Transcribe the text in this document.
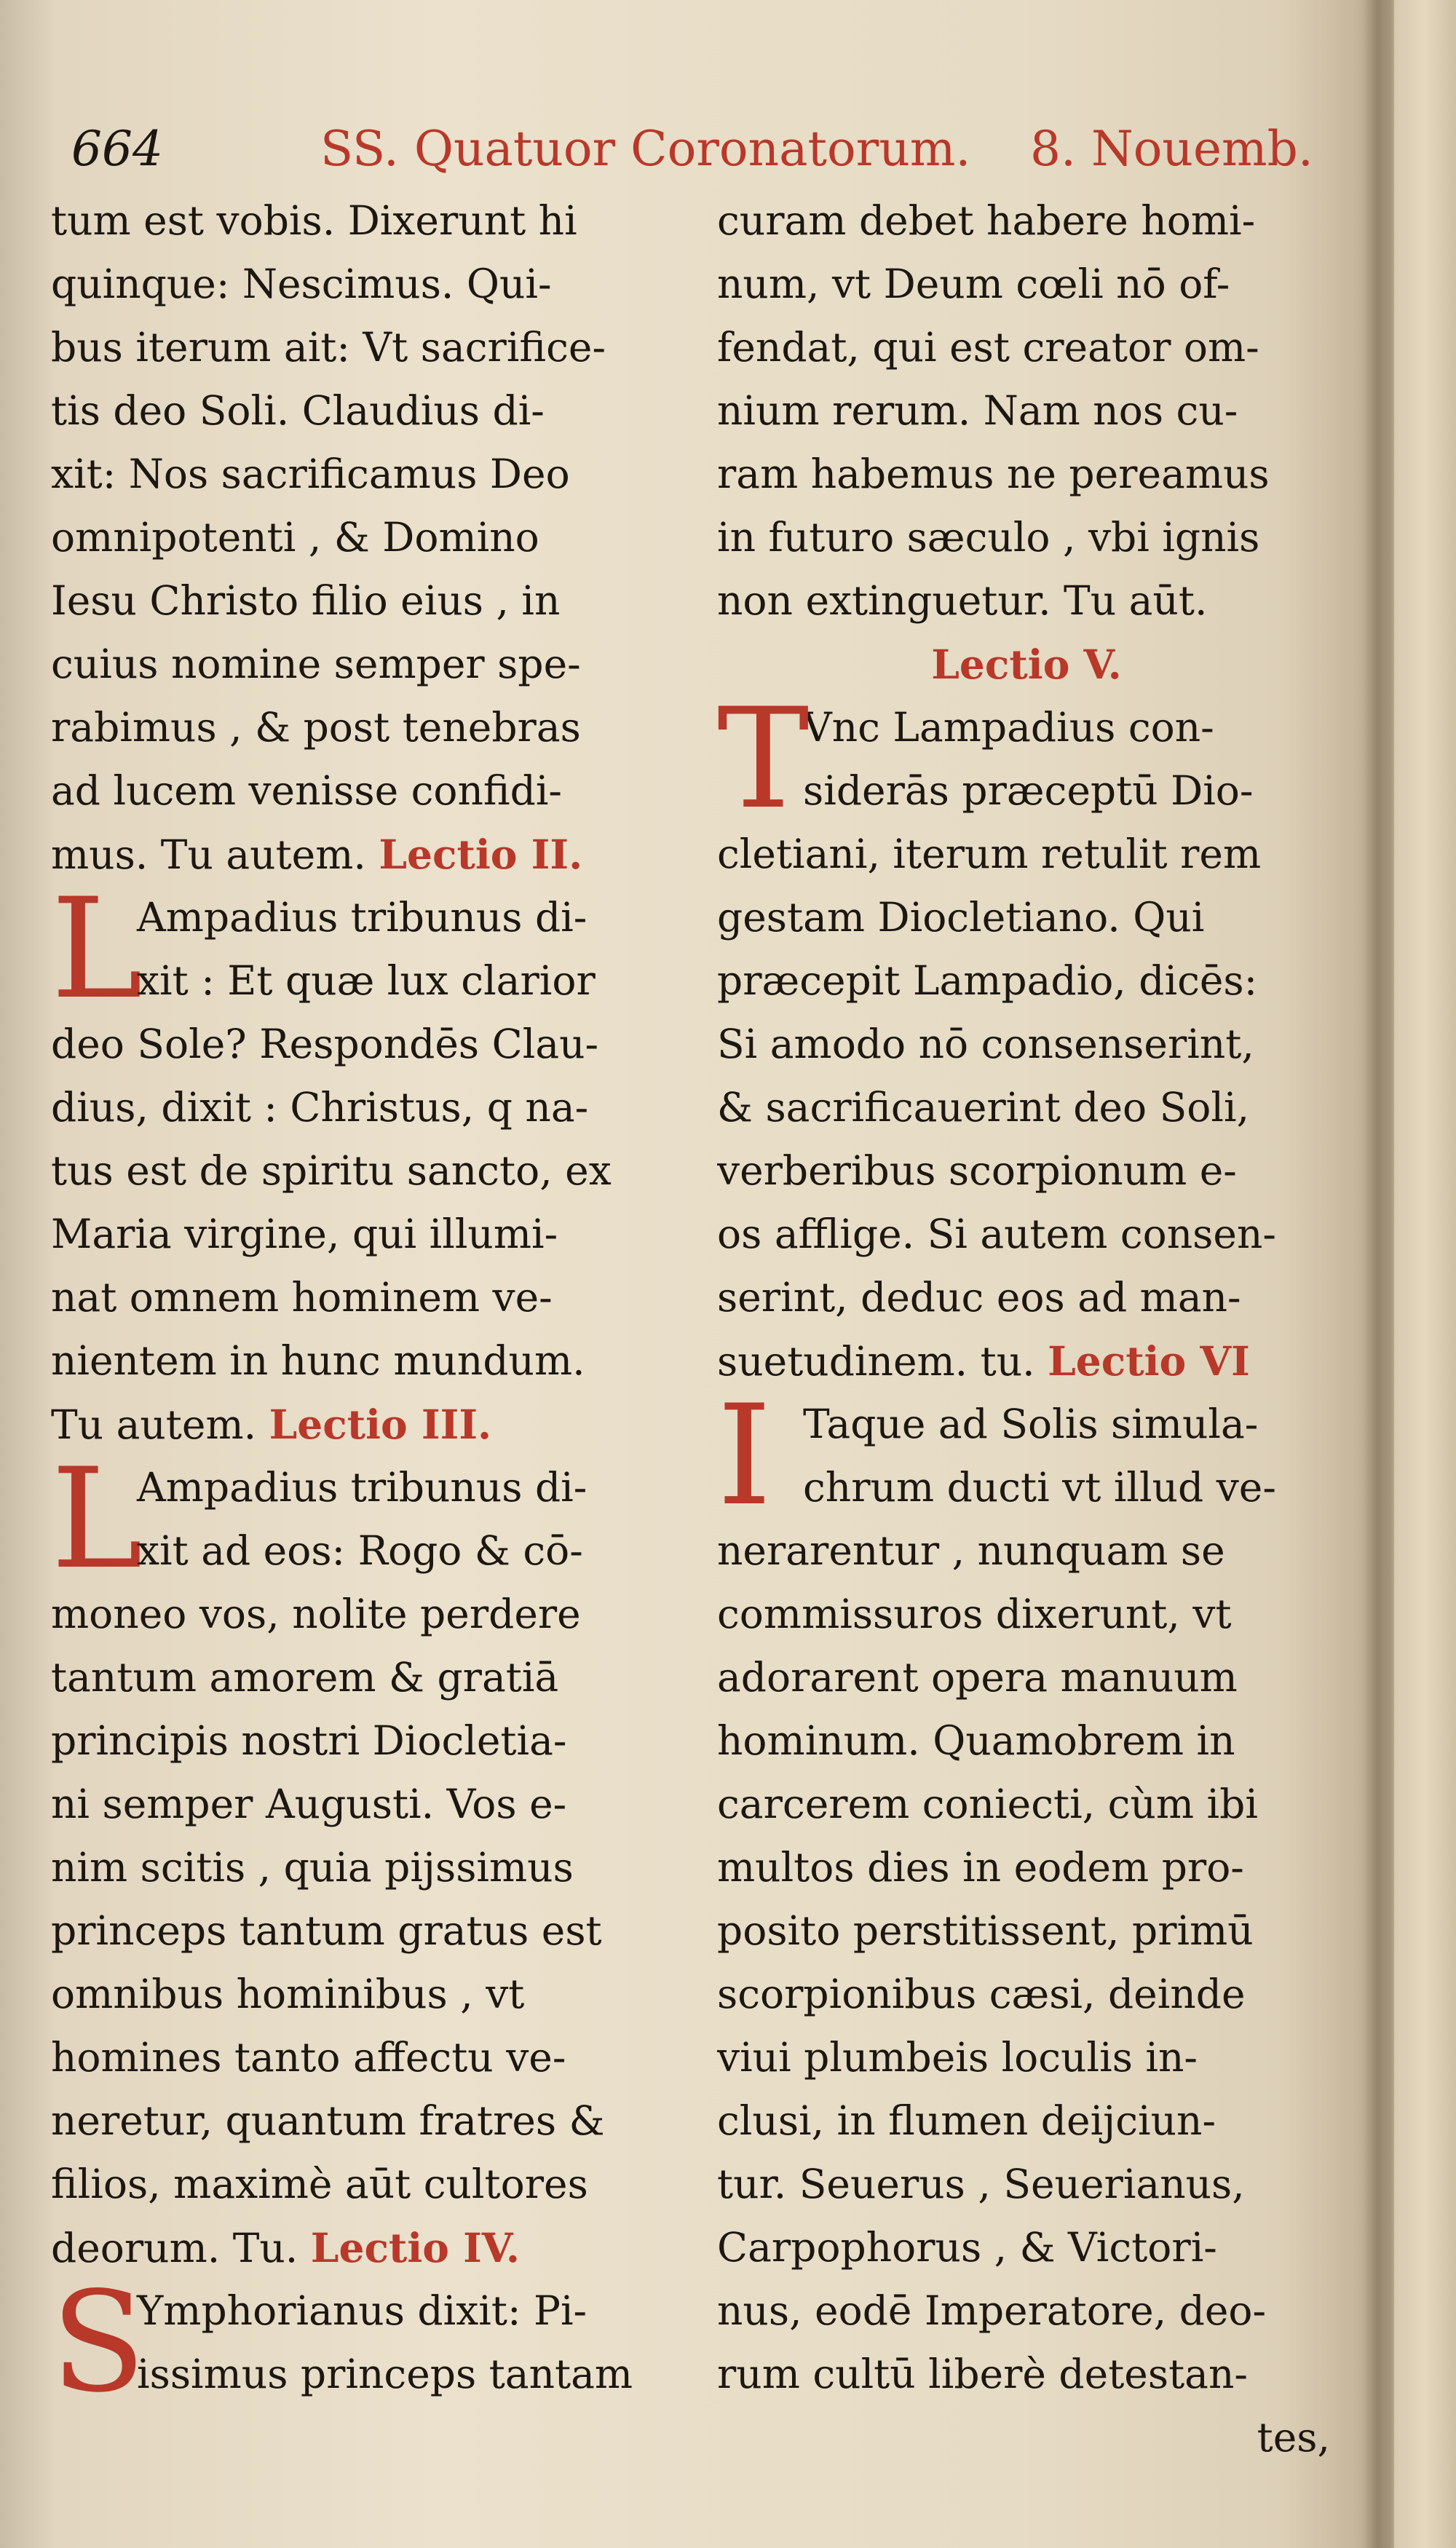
664	SS. Quatuor Coronatorum. 8. Nouemb.
tum est vobis. Dixerunt hi
quinque: Nescimus. Qui-
bus iterum ait: Vt sacrifice-
tis deo Soli. Claudius di-
xit: Nos sacrificamus Deo
omnipotenti , & Domino
Iesu Christo filio eius , in
cuius nomine semper spe-
rabimus , & post tenebras
ad lucem venisse confidi-
mus. Tu autem. Lectio II.
L
Ampadius tribunus di-
xit : Et quæ lux clarior
deo Sole? Respondēs Clau-
dius, dixit : Christus, q na-
tus est de spiritu sancto, ex
Maria virgine, qui illumi-
nat omnem hominem ve-
nientem in hunc mundum.
Tu autem. Lectio III.
L
Ampadius tribunus di-
xit ad eos: Rogo & cō-
moneo vos, nolite perdere
tantum amorem & gratiā
principis nostri Diocletia-
ni semper Augusti. Vos e-
nim scitis , quia pijssimus
princeps tantum gratus est
omnibus hominibus , vt
homines tanto affectu ve-
neretur, quantum fratres &
filios, maximè aūt cultores
deorum. Tu. Lectio IV.
S
Ymphorianus dixit: Pi-
issimus princeps tantam
curam debet habere homi-
num, vt Deum cœli nō of-
fendat, qui est creator om-
nium rerum. Nam nos cu-
ram habemus ne pereamus
in futuro sæculo , vbi ignis
non extinguetur. Tu aūt.
Lectio V.
T
Vnc Lampadius con-
siderās præceptū Dio-
cletiani, iterum retulit rem
gestam Diocletiano. Qui
præcepit Lampadio, dicēs:
Si amodo nō consenserint,
& sacrificauerint deo Soli,
verberibus scorpionum e-
os afflige. Si autem consen-
serint, deduc eos ad man-
suetudinem. tu. Lectio VI
I Taque ad Solis simula-
chrum ducti vt illud ve-
nerarentur , nunquam se
commissuros dixerunt, vt
adorarent opera manuum
hominum. Quamobrem in
carcerem coniecti, cùm ibi
multos dies in eodem pro-
posito perstitissent, primū
scorpionibus cæsi, deinde
viui plumbeis loculis in-
clusi, in flumen deijciun-
tur. Seuerus , Seuerianus,
Carpophorus , & Victori-
nus, eodē Imperatore, deo-
rum cultū liberè detestan-
tes,
